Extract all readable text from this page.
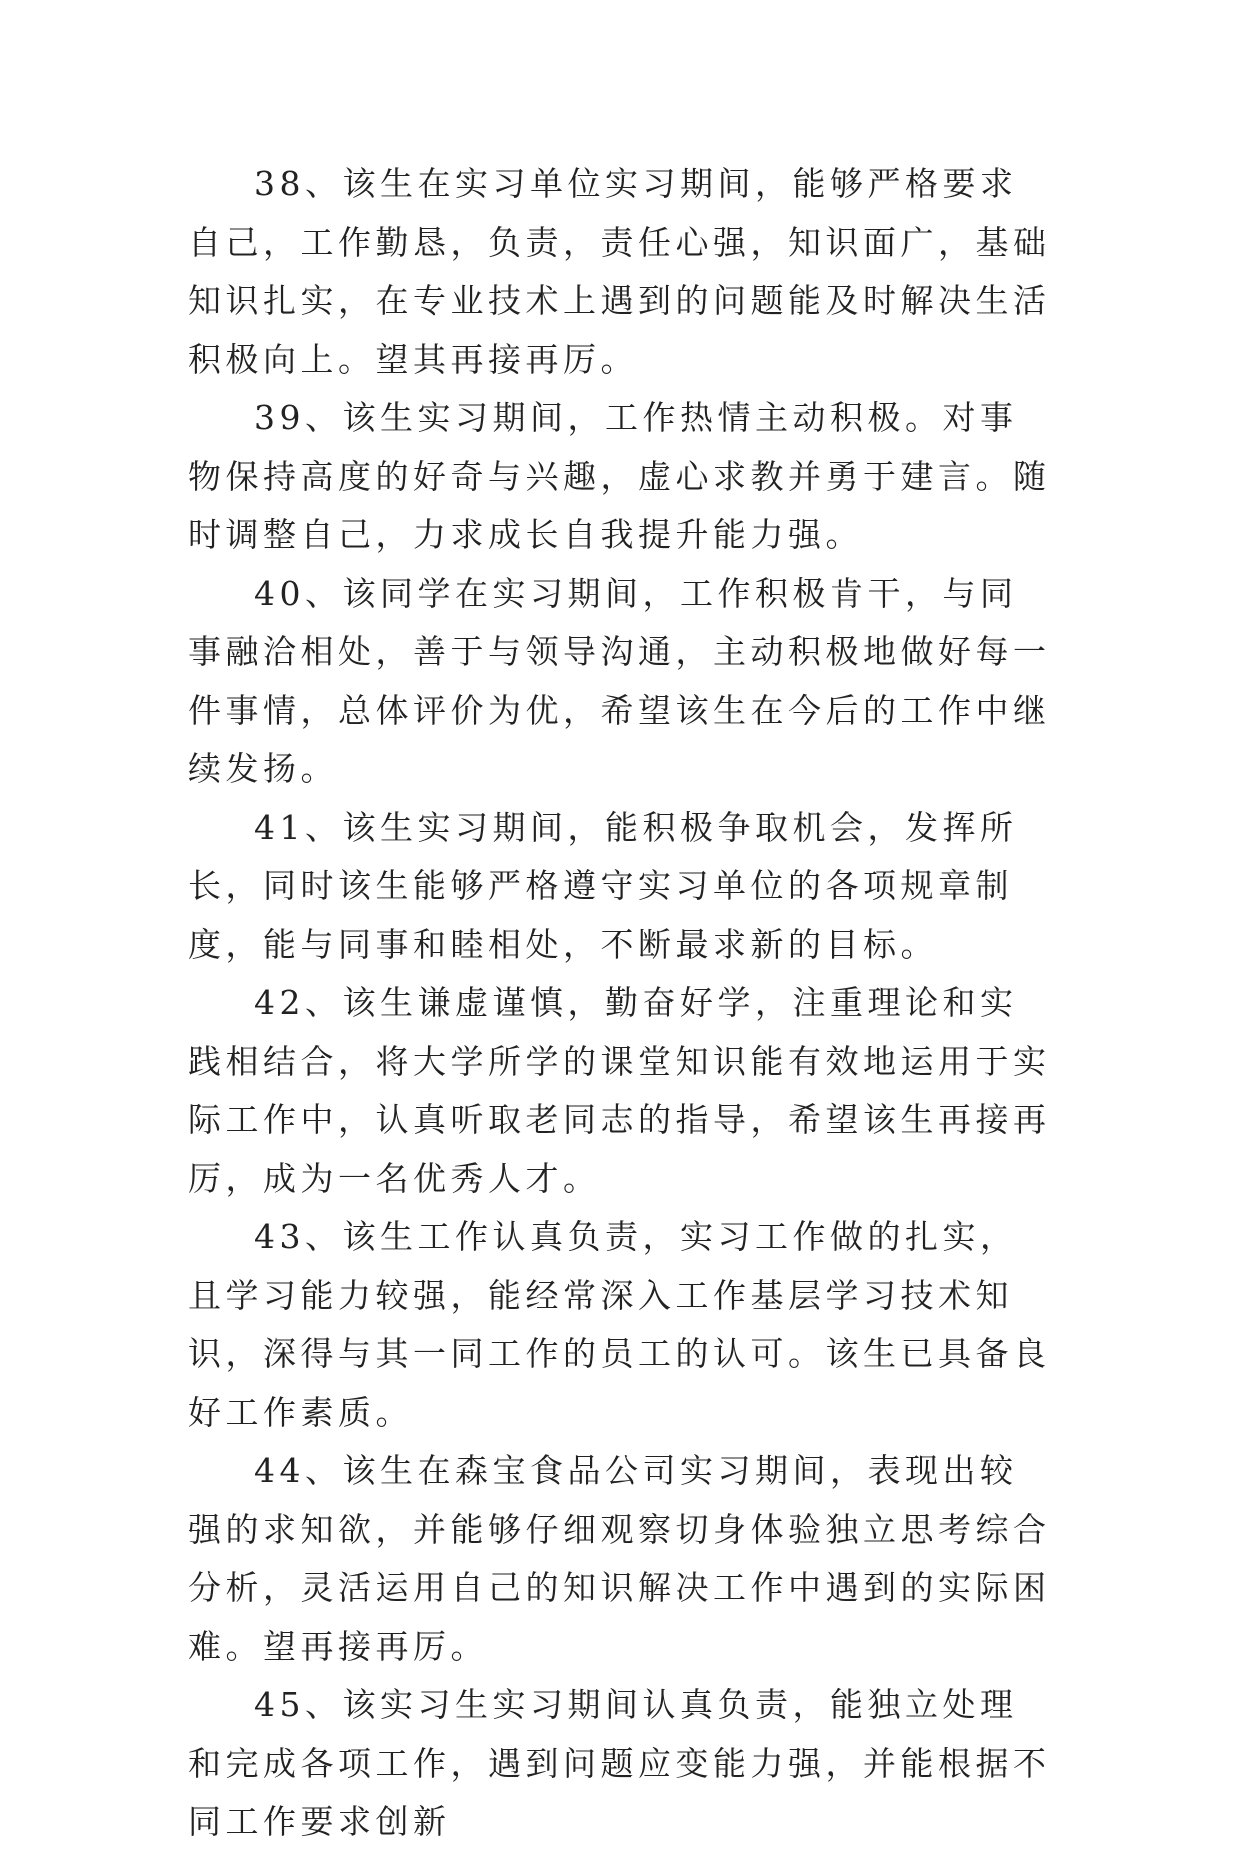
38、该生在实习单位实习期间，能够严格要求自己，工作勤恳，负责，责任心强，知识面广，基础知识扎实，在专业技术上遇到的问题能及时解决生活积极向上。望其再接再厉。

39、该生实习期间，工作热情主动积极。对事物保持高度的好奇与兴趣，虚心求教并勇于建言。随时调整自己，力求成长自我提升能力强。

40、该同学在实习期间，工作积极肯干，与同事融洽相处，善于与领导沟通，主动积极地做好每一件事情，总体评价为优，希望该生在今后的工作中继续发扬。

41、该生实习期间，能积极争取机会，发挥所长，同时该生能够严格遵守实习单位的各项规章制度，能与同事和睦相处，不断最求新的目标。

42、该生谦虚谨慎，勤奋好学，注重理论和实践相结合，将大学所学的课堂知识能有效地运用于实际工作中，认真听取老同志的指导，希望该生再接再厉，成为一名优秀人才。

43、该生工作认真负责，实习工作做的扎实，且学习能力较强，能经常深入工作基层学习技术知识，深得与其一同工作的员工的认可。该生已具备良好工作素质。

44、该生在森宝食品公司实习期间，表现出较强的求知欲，并能够仔细观察切身体验独立思考综合分析，灵活运用自己的知识解决工作中遇到的实际困难。望再接再厉。

45、该实习生实习期间认真负责，能独立处理和完成各项工作，遇到问题应变能力强，并能根据不同工作要求创新
